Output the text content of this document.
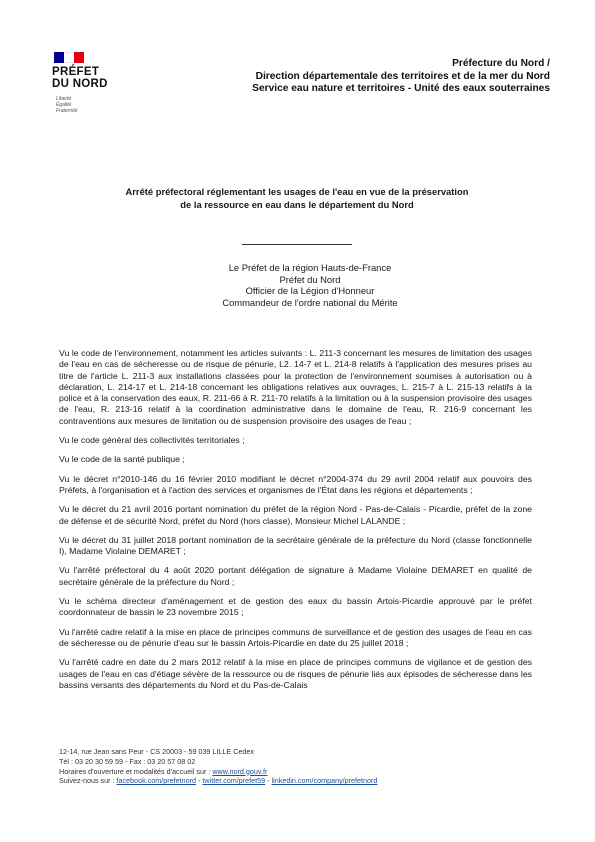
PRÉFET
DU NORD
Liberté
Égalité
Fraternité
Préfecture du Nord /
Direction départementale des territoires et de la mer du Nord
Service eau nature et territoires - Unité des eaux souterraines
Arrêté préfectoral réglementant les usages de l'eau en vue de la préservation
de la ressource en eau dans le département du Nord
Le Préfet de la région Hauts-de-France
Préfet du Nord
Officier de la Légion d'Honneur
Commandeur de l'ordre national du Mérite

Vu le code de l'environnement, notamment les articles suivants : L. 211-3 concernant les mesures de limitation des usages de l'eau en cas de sécheresse ou de risque de pénurie, L2. 14-7 et L. 214-8 relatifs à l'application des mesures prises au titre de l'article L. 211-3 aux installations classées pour la protection de l'environnement soumises à autorisation ou à déclaration, L. 214-17 et L. 214-18 concernant les obligations relatives aux ouvrages, L. 215-7 à L. 215-13 relatifs à la police et à la conservation des eaux, R. 211-66 à R. 211-70 relatifs à la limitation ou à la suspension provisoire des usages de l'eau, R. 213-16 relatif à la coordination administrative dans le domaine de l'eau, R. 216-9 concernant les contraventions aux mesures de limitation ou de suspension provisoire des usages de l'eau ;

Vu le code général des collectivités territoriales ;

Vu le code de la santé publique ;

Vu le décret n°2010-146 du 16 février 2010 modifiant le décret n°2004-374 du 29 avril 2004 relatif aux pouvoirs des Préfets, à l'organisation et à l'action des services et organismes de l'État dans les régions et départements ;

Vu le décret du 21 avril 2016 portant nomination du préfet de la région Nord - Pas-de-Calais - Picardie, préfet de la zone de défense et de sécurité Nord, préfet du Nord (hors classe), Monsieur Michel LALANDE ;

Vu le décret du 31 juillet 2018 portant nomination de la secrétaire générale de la préfecture du Nord (classe fonctionnelle I), Madame Violaine DEMARET ;

Vu l'arrêté préfectoral du 4 août 2020 portant délégation de signature à Madame Violaine DEMARET en qualité de secrétaire générale de la préfecture du Nord ;

Vu le schéma directeur d'aménagement et de gestion des eaux du bassin Artois-Picardie approuvé par le préfet coordonnateur de bassin le 23 novembre 2015 ;

Vu l'arrêté cadre relatif à la mise en place de principes communs de surveillance et de gestion des usages de l'eau en cas de sécheresse ou de pénurie d'eau sur le bassin Artois-Picardie en date du 25 juillet 2018 ;

Vu l'arrêté cadre en date du 2 mars 2012 relatif à la mise en place de principes communs de vigilance et de gestion des usages de l'eau en cas d'étiage sévère de la ressource ou de risques de pénurie liés aux épisodes de sécheresse dans les bassins versants des départements du Nord et du Pas-de-Calais

12-14, rue Jean sans Peur - CS 20003 - 59 039 LILLE Cedex
Tél : 03 20 30 59 59 - Fax : 03 20 57 08 02
Horaires d'ouverture et modalités d'accueil sur : www.nord.gouv.fr
Suivez-nous sur : facebook.com/prefetnord - twitter.com/prefet59 - linkedin.com/company/prefetnord
